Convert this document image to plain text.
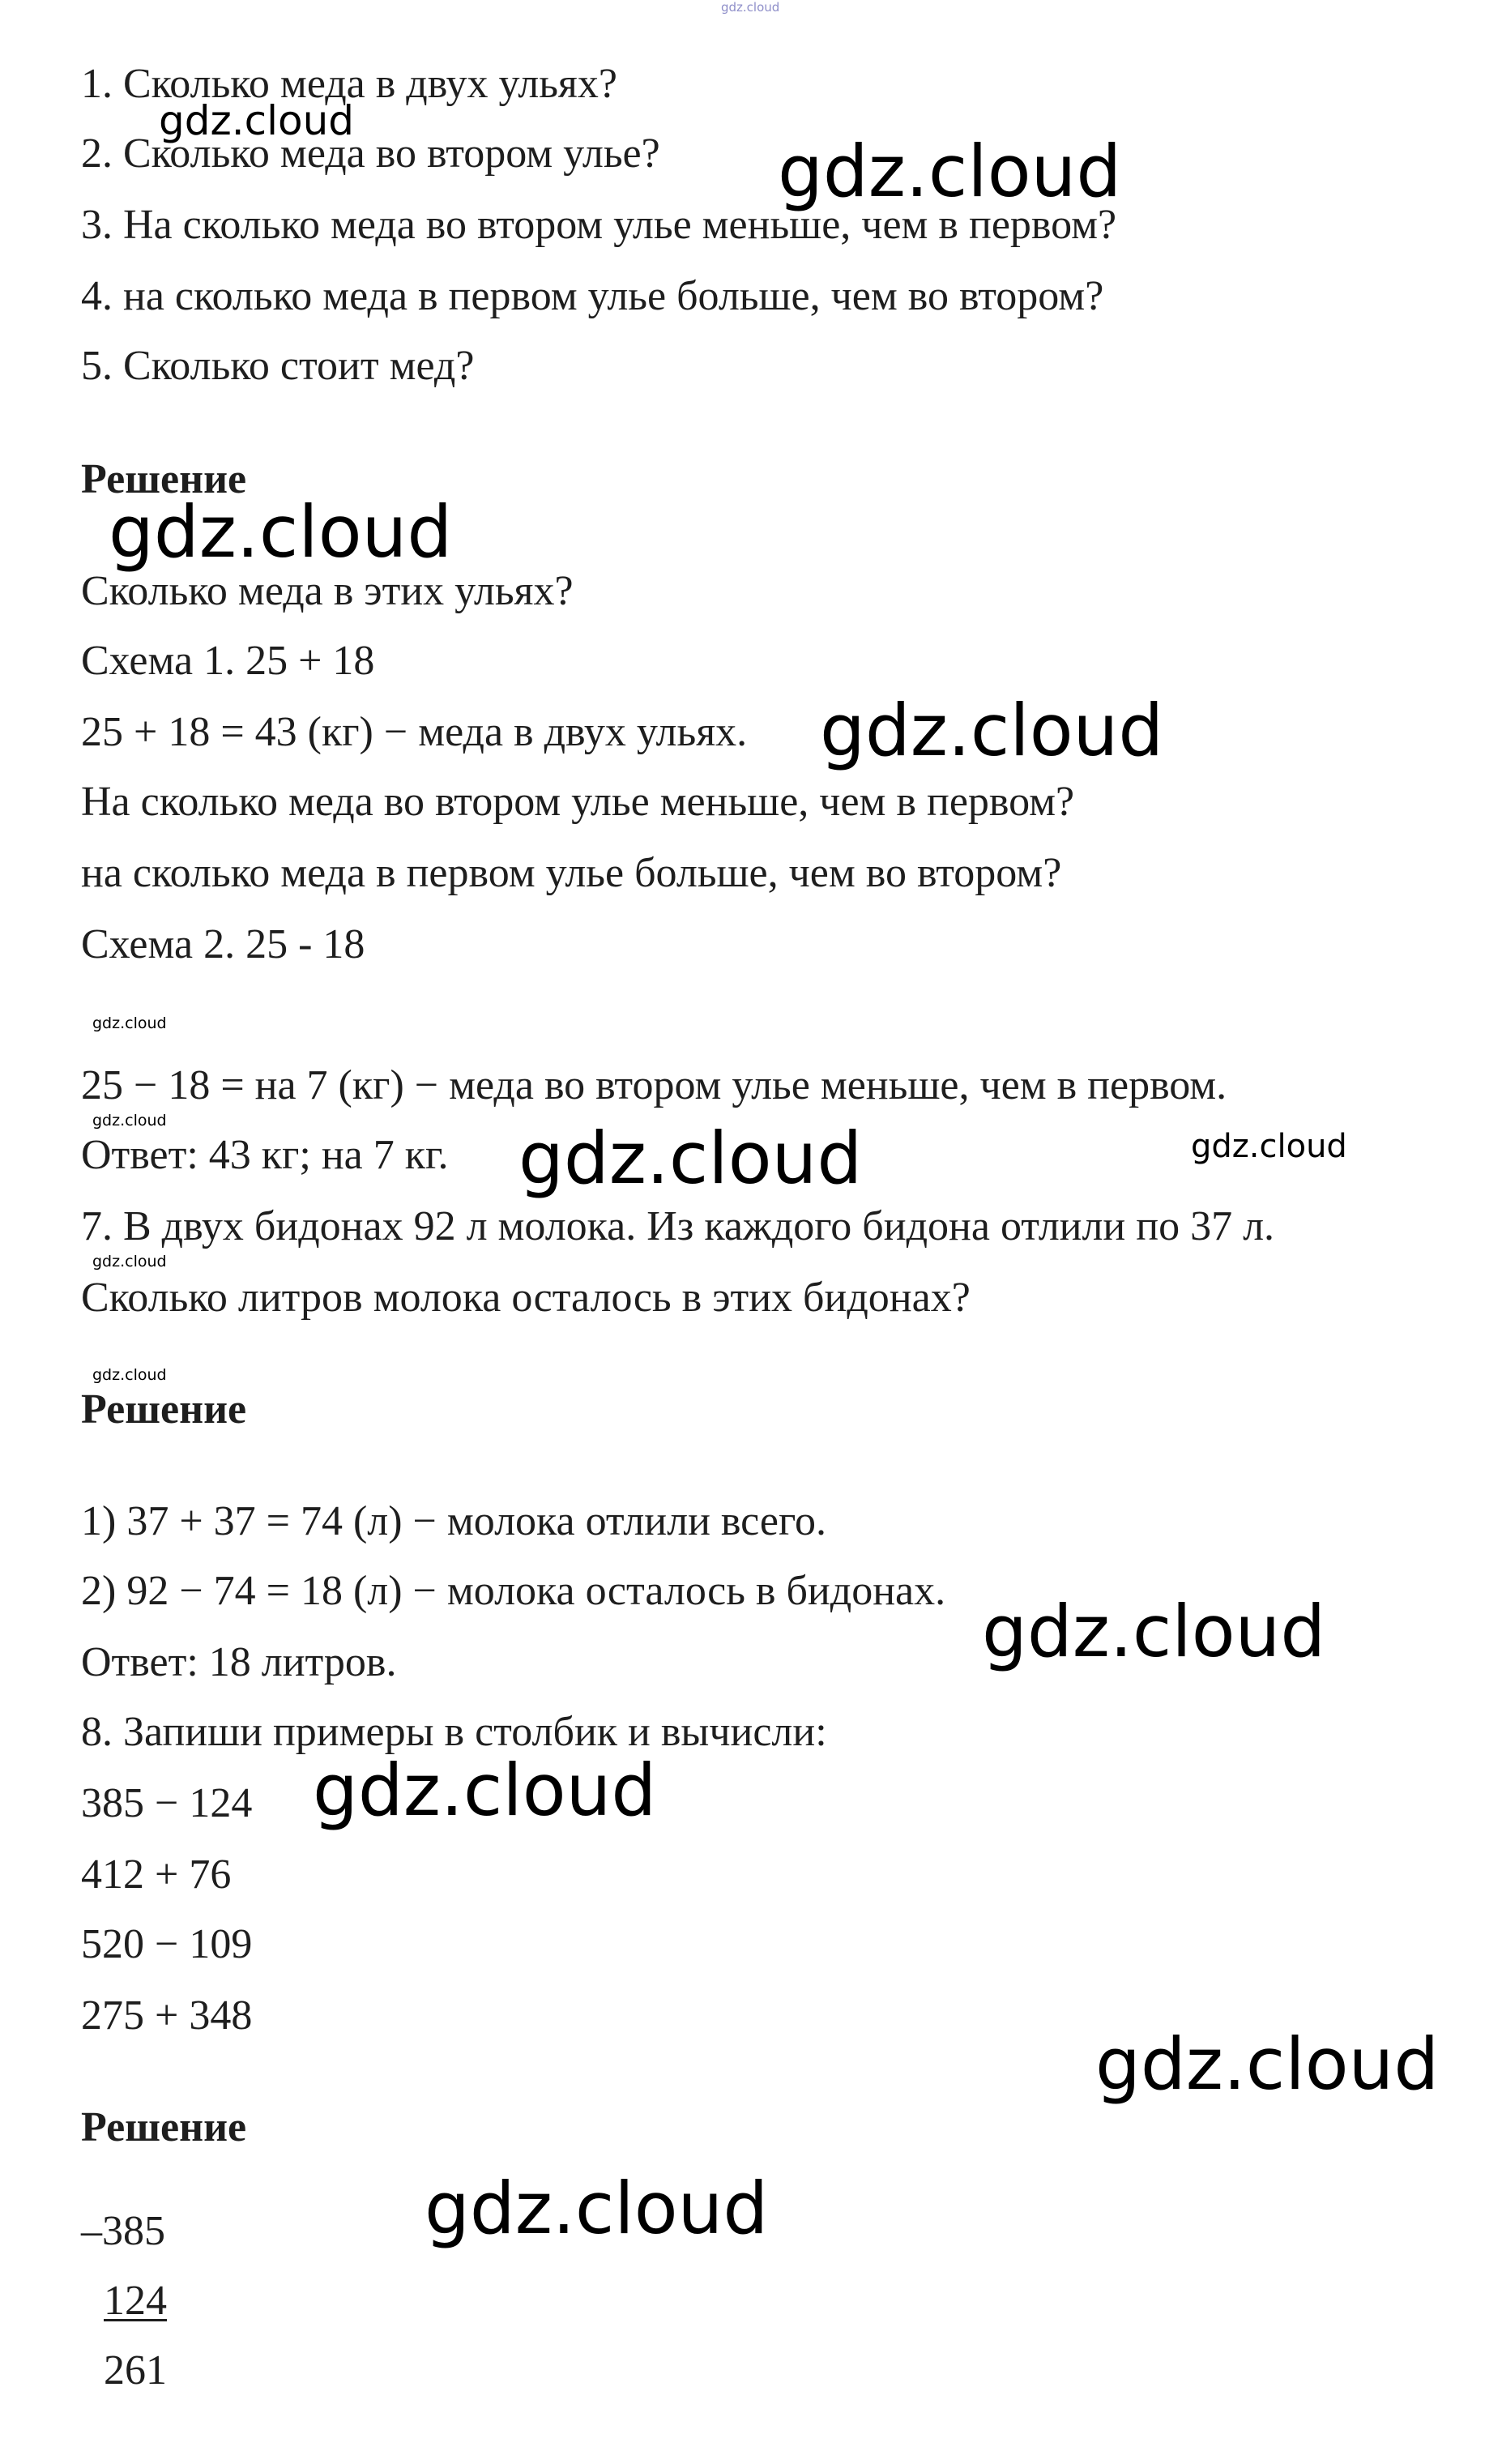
gdz.cloud
1. Сколько меда в двух ульях?
2. Сколько меда во втором улье?
3. На сколько меда во втором улье меньше, чем в первом?
4. на сколько меда в первом улье больше, чем во втором?
5. Сколько стоит мед?
Решение
Сколько меда в этих ульях?
Схема 1. 25 + 18
25 + 18 = 43 (кг) − меда в двух ульях.
На сколько меда во втором улье меньше, чем в первом?
на сколько меда в первом улье больше, чем во втором?
Схема 2. 25 - 18
25 − 18 = на 7 (кг) − меда во втором улье меньше, чем в первом.
Ответ: 43 кг; на 7 кг.
7. В двух бидонах 92 л молока. Из каждого бидона отлили по 37 л.
Сколько литров молока осталось в этих бидонах?
Решение
1) 37 + 37 = 74 (л) − молока отлили всего.
2) 92 − 74 = 18 (л) − молока осталось в бидонах.
Ответ: 18 литров.
8. Запиши примеры в столбик и вычисли:
385 − 124
412 + 76
520 − 109
275 + 348
Решение
–385
124
261
gdz.cloud
gdz.cloud
gdz.cloud
gdz.cloud
gdz.cloud
gdz.cloud	gdz.cloud	gdz.cloud
gdz.cloud
gdz.cloud
gdz.cloud
gdz.cloud
gdz.cloud
gdz.cloud
